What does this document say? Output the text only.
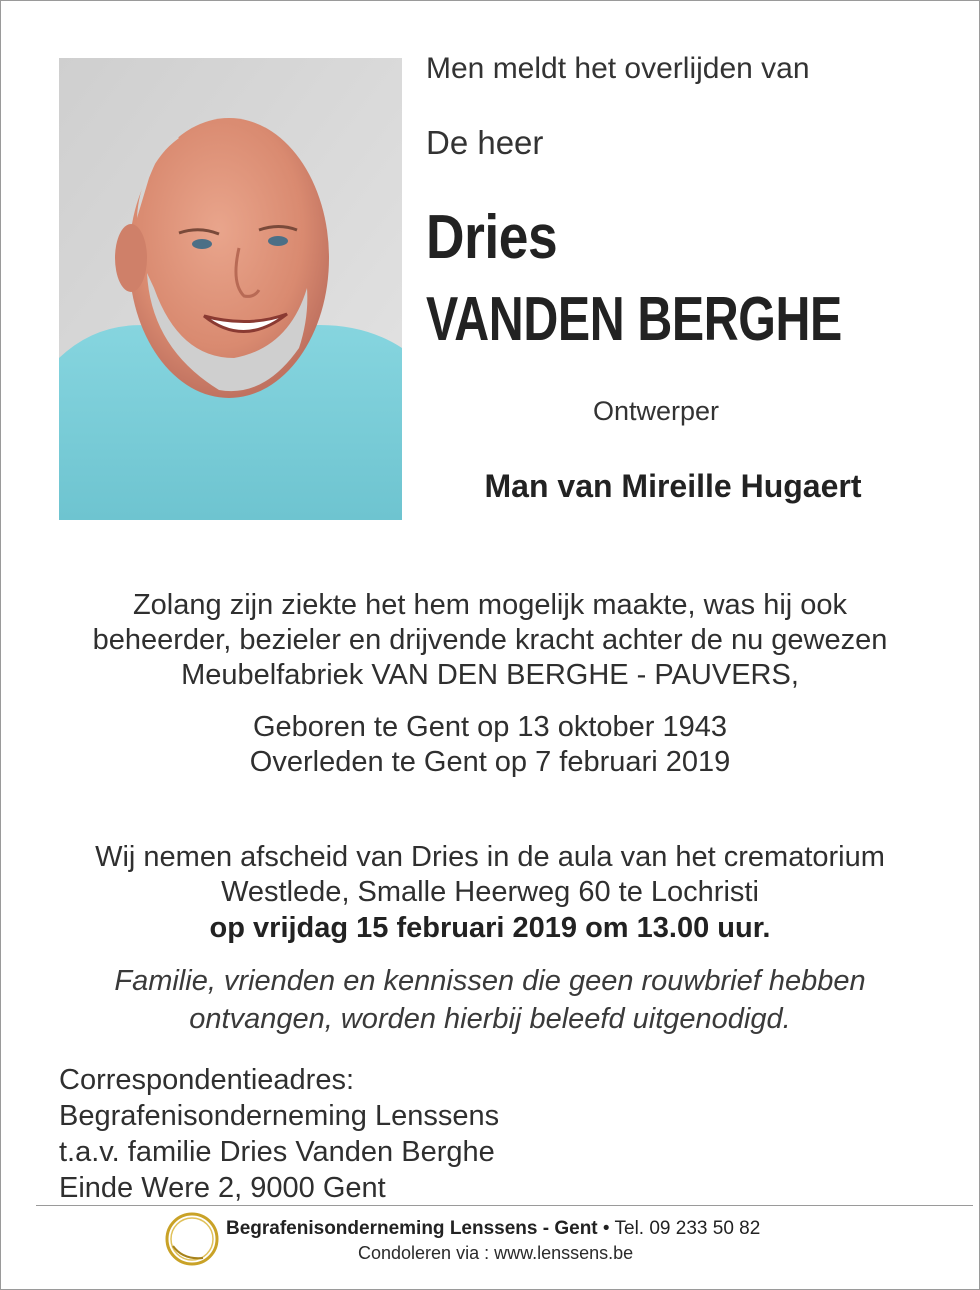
Men meldt het overlijden van

De heer

Dries

VANDEN BERGHE

Ontwerper

Man van Mireille Hugaert

Zolang zijn ziekte het hem mogelijk maakte, was hij ook
beheerder, bezieler en drijvende kracht achter de nu gewezen
Meubelfabriek VAN DEN BERGHE - PAUVERS,
Geboren te Gent op 13 oktober 1943
Overleden te Gent op 7 februari 2019
Wij nemen afscheid van Dries in de aula van het crematorium
Westlede, Smalle Heerweg 60 te Lochristi
op vrijdag 15 februari 2019 om 13.00 uur.
Familie, vrienden en kennissen die geen rouwbrief hebben
ontvangen, worden hierbij beleefd uitgenodigd.
Correspondentieadres:
Begrafenisonderneming Lenssens
t.a.v. familie Dries Vanden Berghe
Einde Were 2, 9000 Gent

Begrafenisonderneming Lenssens - Gent • Tel. 09 233 50 82

Condoleren via : www.lenssens.be
